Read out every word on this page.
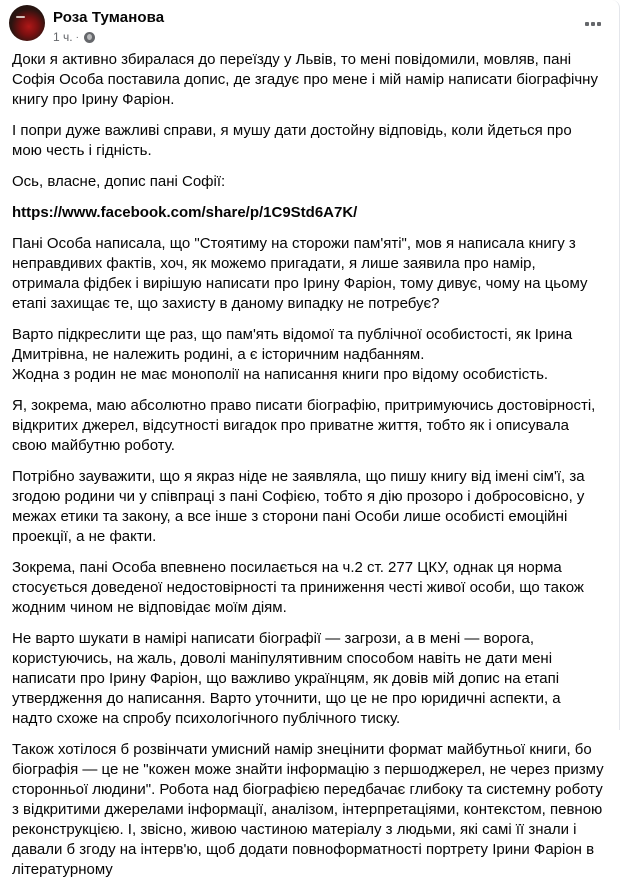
Роза Туманова
1 ч. ·

Доки я активно збиралася до переїзду у Львів, то мені повідомили, мовляв, пані Софія Особа поставила допис, де згадує про мене і мій намір написати біографічну книгу про Ірину Фаріон.

І попри дуже важливі справи, я мушу дати достойну відповідь, коли йдеться про мою честь і гідність.

Ось, власне, допис пані Софії:

https://www.facebook.com/share/p/1C9Std6A7K/

Пані Особа написала, що "Стоятиму на сторожи пам'яті", мов я написала книгу з неправдивих фактів, хоч, як можемо пригадати, я лише заявила про намір, отримала фідбек і вирішую написати про Ірину Фаріон, тому дивує, чому на цьому етапі захищає те, що захисту в даному випадку не потребує?

Варто підкреслити ще раз, що пам'ять відомої та публічної особистості, як Ірина Дмитрівна, не належить родині, а є історичним надбанням.

Жодна з родин не має монополії на написання книги про відому особистість.

Я, зокрема, маю абсолютно право писати біографію, притримуючись достовірності, відкритих джерел, відсутності вигадок про приватне життя, тобто як і описувала свою майбутню роботу.

Потрібно зауважити, що я якраз ніде не заявляла, що пишу книгу від імені сім'ї, за згодою родини чи у співпраці з пані Софією, тобто я дію прозоро і добросовісно, у межах етики та закону, а все інше з сторони пані Особи лише особисті емоційні проекції, а не факти.

Зокрема, пані Особа впевнено посилається на ч.2 ст. 277 ЦКУ, однак ця норма стосується доведеної недостовірності та приниження честі живої особи, що також жодним чином не відповідає моїм діям.

Не варто шукати в намірі написати біографії — загрози, а в мені — ворога, користуючись, на жаль, доволі маніпулятивним способом навіть не дати мені написати про Ірину Фаріон, що важливо українцям, як довів мій допис на етапі утвердження до написання. Варто уточнити, що це не про юридичні аспекти, а надто схоже на спробу психологічного публічного тиску.

Також хотілося б розвінчати умисний намір знецінити формат майбутньої книги, бо біографія — це не "кожен може знайти інформацію з першоджерел, не через призму сторонньої людини". Робота над біографією передбачає глибоку та системну роботу з відкритими джерелами інформації, аналізом, інтерпретаціями, контекстом, певною реконструкцією. І, звісно, живою частиною матеріалу з людьми, які самі її знали і давали б згоду на інтерв'ю, щоб додати повноформатності портрету Ірини Фаріон в літературному
